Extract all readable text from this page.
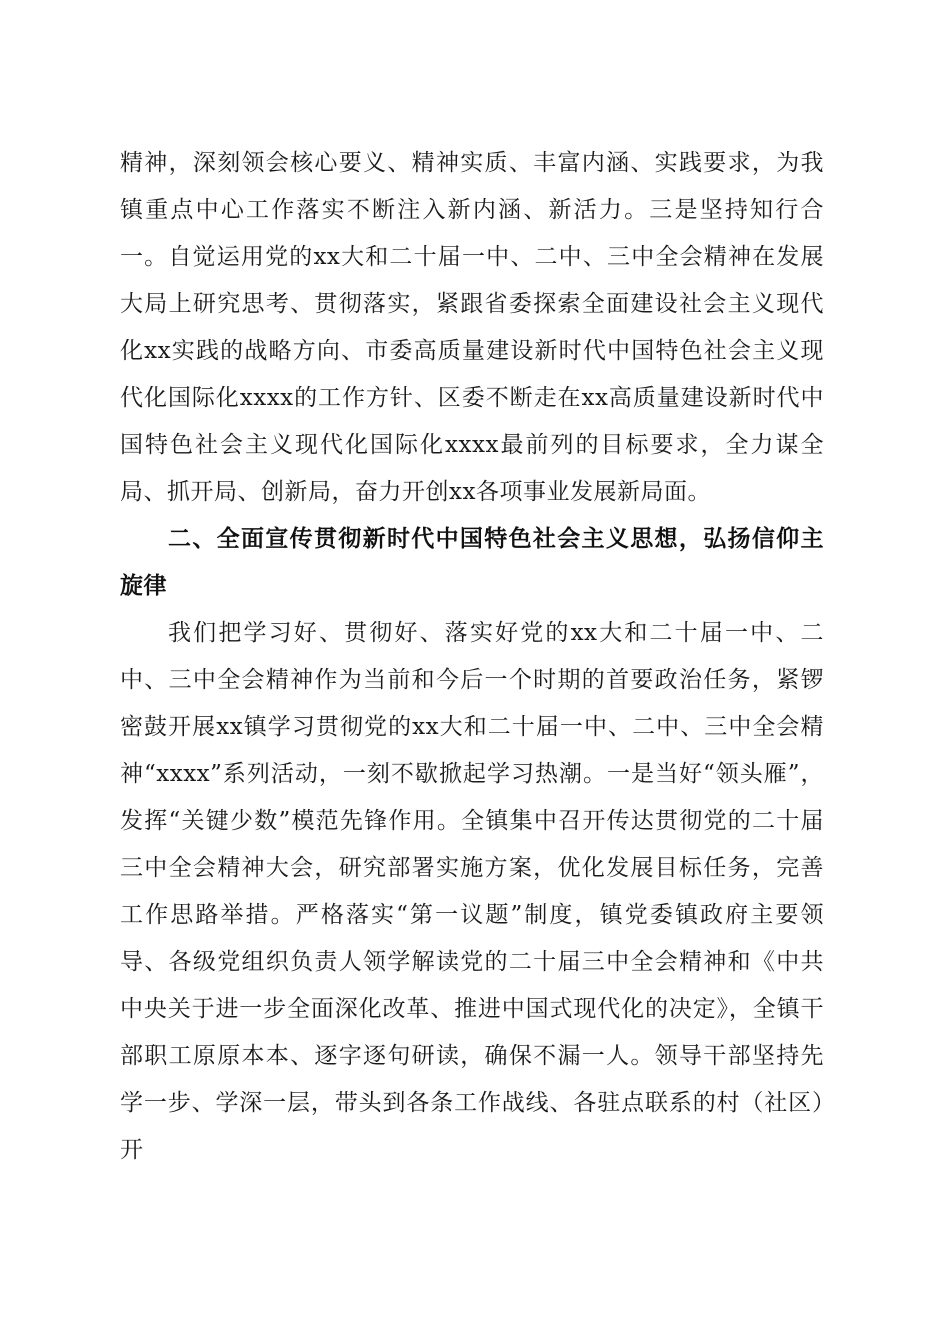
精神，深刻领会核心要义、精神实质、丰富内涵、实践要求，为我镇重点中心工作落实不断注入新内涵、新活力。三是坚持知行合一。自觉运用党的xx大和二十届一中、二中、三中全会精神在发展大局上研究思考、贯彻落实，紧跟省委探索全面建设社会主义现代化xx实践的战略方向、市委高质量建设新时代中国特色社会主义现代化国际化xxxx的工作方针、区委不断走在xx高质量建设新时代中国特色社会主义现代化国际化xxxx最前列的目标要求，全力谋全局、抓开局、创新局，奋力开创xx各项事业发展新局面。

二、全面宣传贯彻新时代中国特色社会主义思想，弘扬信仰主旋律

我们把学习好、贯彻好、落实好党的xx大和二十届一中、二中、三中全会精神作为当前和今后一个时期的首要政治任务，紧锣密鼓开展xx镇学习贯彻党的xx大和二十届一中、二中、三中全会精神“xxxx”系列活动，一刻不歇掀起学习热潮。一是当好“领头雁”，发挥“关键少数”模范先锋作用。全镇集中召开传达贯彻党的二十届三中全会精神大会，研究部署实施方案，优化发展目标任务，完善工作思路举措。严格落实“第一议题”制度，镇党委镇政府主要领导、各级党组织负责人领学解读党的二十届三中全会精神和《中共中央关于进一步全面深化改革、推进中国式现代化的决定》，全镇干部职工原原本本、逐字逐句研读，确保不漏一人。领导干部坚持先学一步、学深一层，带头到各条工作战线、各驻点联系的村（社区）开
